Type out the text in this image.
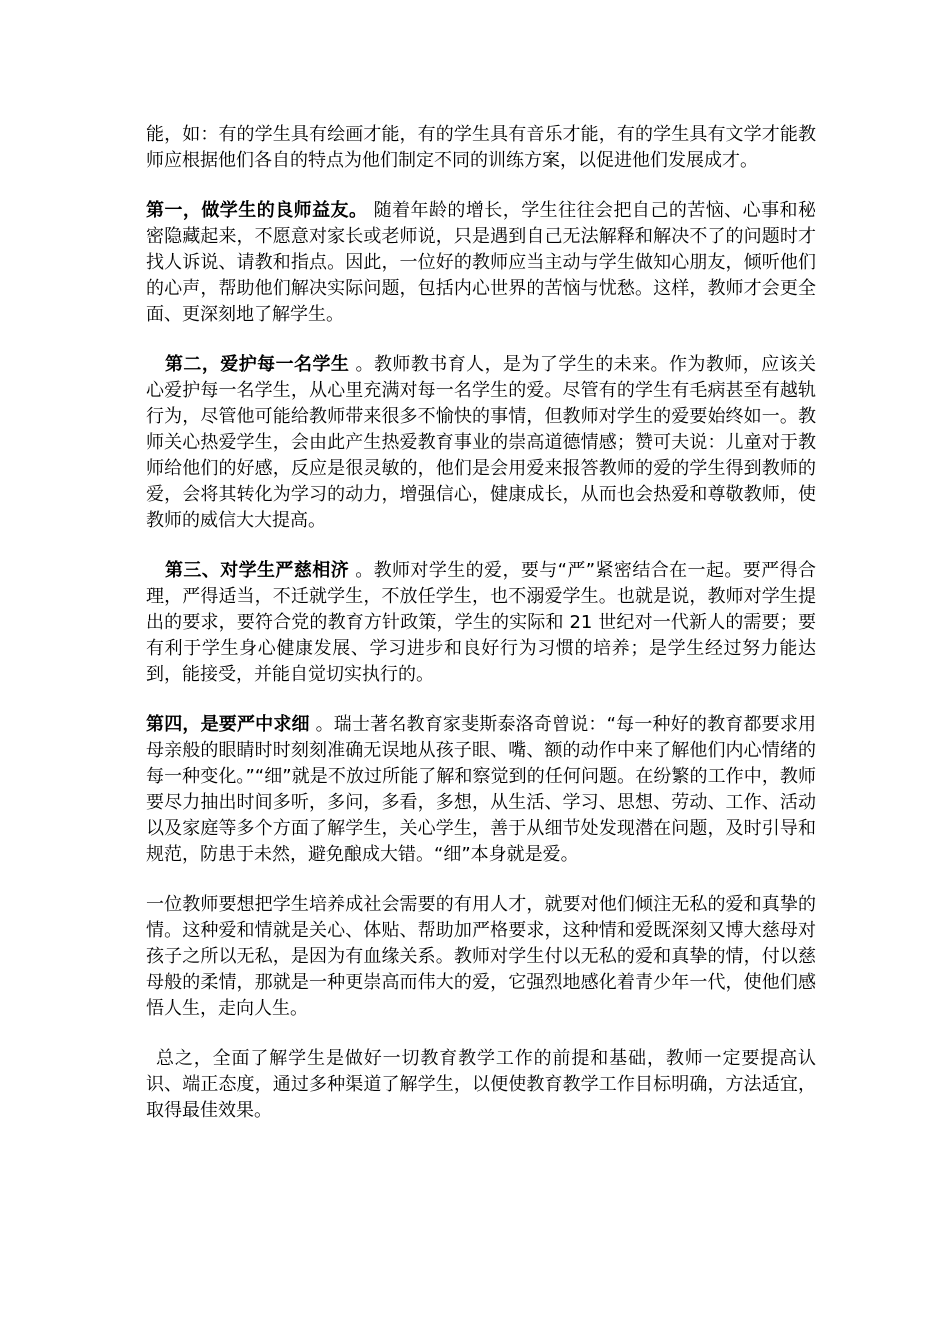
能，如：有的学生具有绘画才能，有的学生具有音乐才能，有的学生具有文学才能教师应根据他们各自的特点为他们制定不同的训练方案，以促进他们发展成才。

第一，做学生的良师益友。 随着年龄的增长，学生往往会把自己的苦恼、心事和秘密隐藏起来，不愿意对家长或老师说，只是遇到自己无法解释和解决不了的问题时才找人诉说、请教和指点。因此，一位好的教师应当主动与学生做知心朋友，倾听他们的心声，帮助他们解决实际问题，包括内心世界的苦恼与忧愁。这样，教师才会更全面、更深刻地了解学生。

第二，爱护每一名学生 。教师教书育人，是为了学生的未来。作为教师，应该关心爱护每一名学生，从心里充满对每一名学生的爱。尽管有的学生有毛病甚至有越轨行为，尽管他可能给教师带来很多不愉快的事情，但教师对学生的爱要始终如一。教师关心热爱学生，会由此产生热爱教育事业的崇高道德情感；赞可夫说：儿童对于教师给他们的好感，反应是很灵敏的，他们是会用爱来报答教师的爱的学生得到教师的爱，会将其转化为学习的动力，增强信心，健康成长，从而也会热爱和尊敬教师，使教师的威信大大提高。

第三、对学生严慈相济 。教师对学生的爱，要与“严”紧密结合在一起。要严得合理，严得适当，不迁就学生，不放任学生，也不溺爱学生。也就是说，教师对学生提出的要求，要符合党的教育方针政策，学生的实际和 21 世纪对一代新人的需要；要有利于学生身心健康发展、学习进步和良好行为习惯的培养；是学生经过努力能达到，能接受，并能自觉切实执行的。

第四，是要严中求细 。瑞士著名教育家斐斯泰洛奇曾说：“每一种好的教育都要求用母亲般的眼睛时时刻刻准确无误地从孩子眼、嘴、额的动作中来了解他们内心情绪的每一种变化。”“细”就是不放过所能了解和察觉到的任何问题。在纷繁的工作中，教师要尽力抽出时间多听，多问，多看，多想，从生活、学习、思想、劳动、工作、活动以及家庭等多个方面了解学生，关心学生，善于从细节处发现潜在问题，及时引导和规范，防患于未然，避免酿成大错。“细”本身就是爱。

一位教师要想把学生培养成社会需要的有用人才，就要对他们倾注无私的爱和真挚的情。这种爱和情就是关心、体贴、帮助加严格要求，这种情和爱既深刻又博大慈母对孩子之所以无私，是因为有血缘关系。教师对学生付以无私的爱和真挚的情，付以慈母般的柔情，那就是一种更崇高而伟大的爱，它强烈地感化着青少年一代，使他们感悟人生，走向人生。

总之，全面了解学生是做好一切教育教学工作的前提和基础，教师一定要提高认识、端正态度，通过多种渠道了解学生，以便使教育教学工作目标明确，方法适宜，取得最佳效果。
